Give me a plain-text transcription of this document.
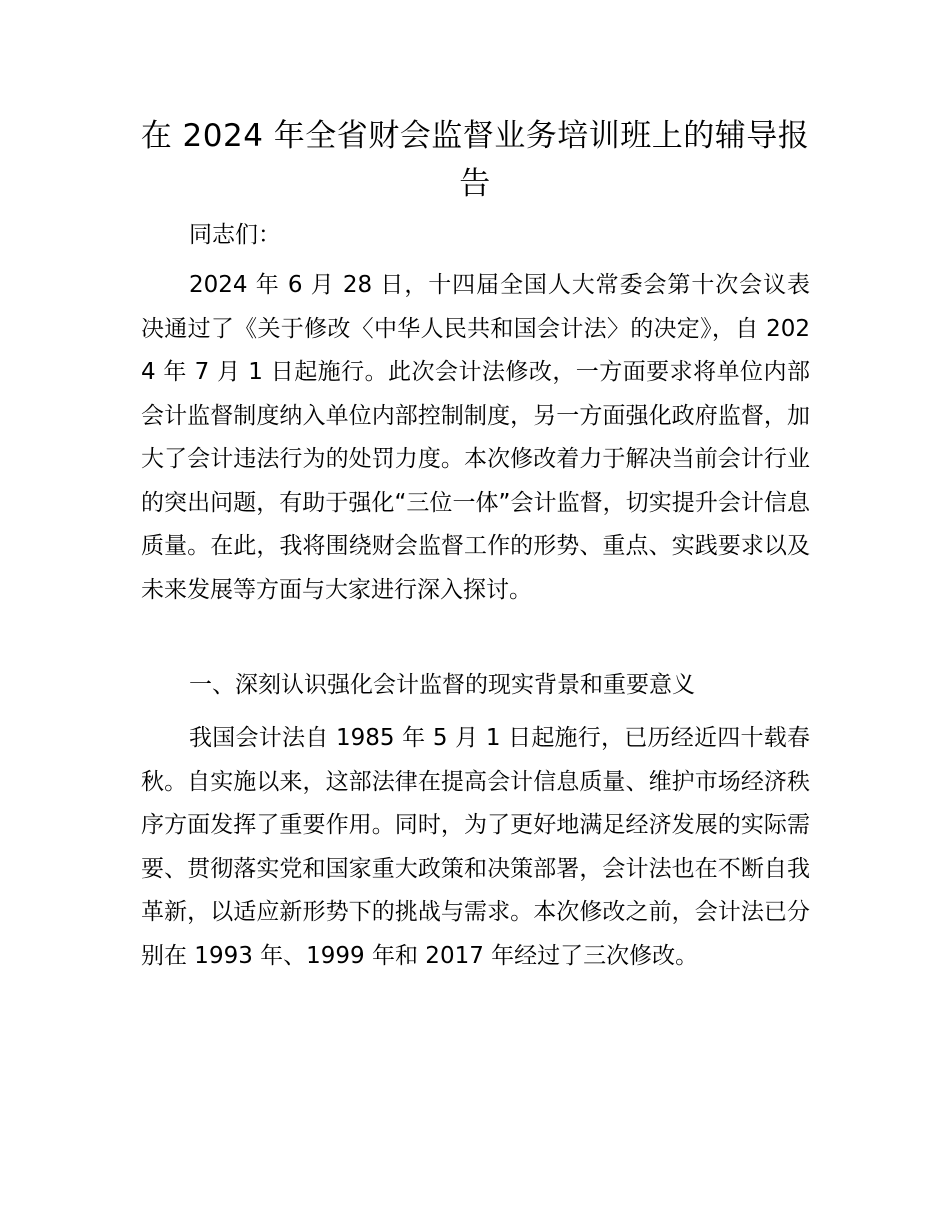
在 2024 年全省财会监督业务培训班上的辅导报告

同志们：

2024 年 6 月 28 日，十四届全国人大常委会第十次会议表决通过了《关于修改〈中华人民共和国会计法〉的决定》，自 2024 年 7 月 1 日起施行。此次会计法修改，一方面要求将单位内部会计监督制度纳入单位内部控制制度，另一方面强化政府监督，加大了会计违法行为的处罚力度。本次修改着力于解决当前会计行业的突出问题，有助于强化“三位一体”会计监督，切实提升会计信息质量。在此，我将围绕财会监督工作的形势、重点、实践要求以及未来发展等方面与大家进行深入探讨。

一、深刻认识强化会计监督的现实背景和重要意义

我国会计法自 1985 年 5 月 1 日起施行，已历经近四十载春秋。自实施以来，这部法律在提高会计信息质量、维护市场经济秩序方面发挥了重要作用。同时，为了更好地满足经济发展的实际需要、贯彻落实党和国家重大政策和决策部署，会计法也在不断自我革新，以适应新形势下的挑战与需求。本次修改之前，会计法已分别在 1993 年、1999 年和 2017 年经过了三次修改。
